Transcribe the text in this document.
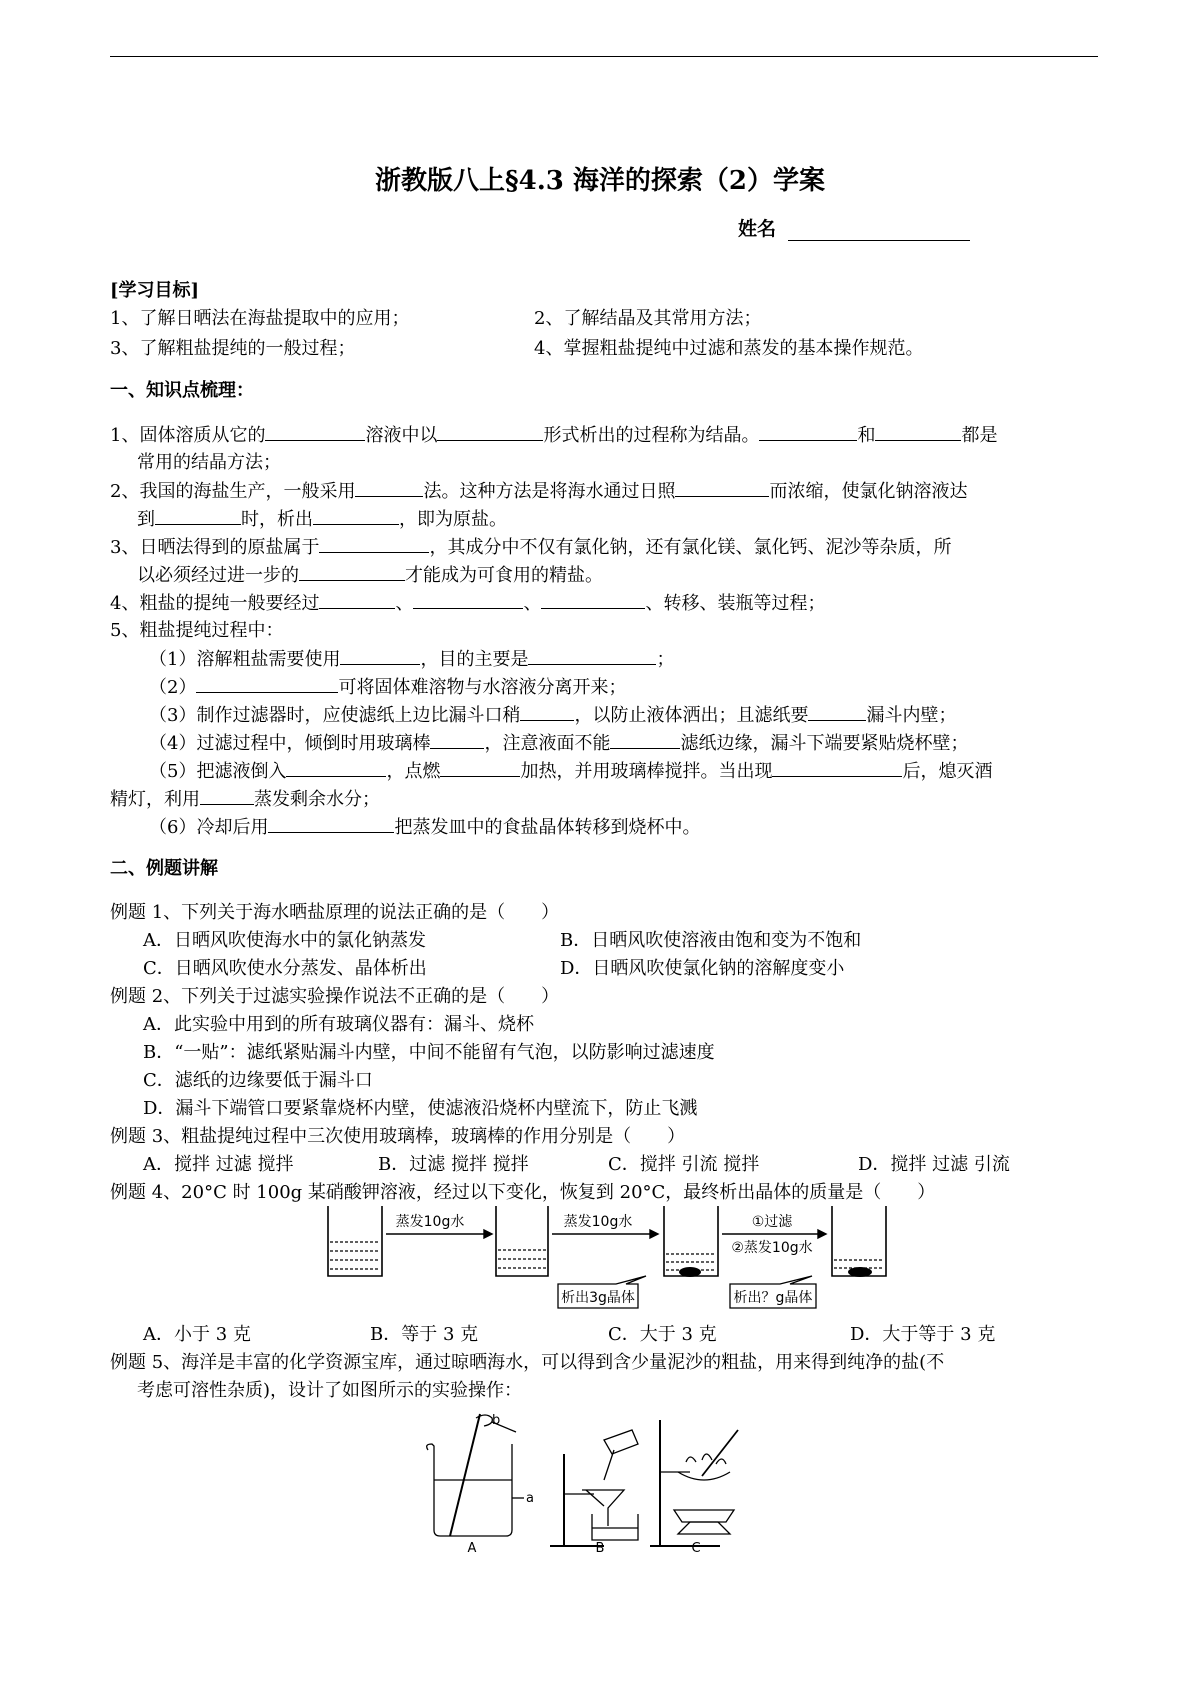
浙教版八上§4.3 海洋的探索（2）学案
姓名
[学习目标]
1、了解日晒法在海盐提取中的应用；	2、了解结晶及其常用方法；
3、了解粗盐提纯的一般过程；	4、掌握粗盐提纯中过滤和蒸发的基本操作规范。
一、知识点梳理：
1、固体溶质从它的	溶液中以	形式析出的过程称为结晶。	和	都是
常用的结晶方法；
2、我国的海盐生产，一般采用	法。这种方法是将海水通过日照	而浓缩，使氯化钠溶液达
到	时，析出	，即为原盐。
3、日晒法得到的原盐属于	，其成分中不仅有氯化钠，还有氯化镁、氯化钙、泥沙等杂质，所
以必须经过进一步的	才能成为可食用的精盐。
4、粗盐的提纯一般要经过	、	、	、转移、装瓶等过程；
5、粗盐提纯过程中：
（1）溶解粗盐需要使用	，目的主要是	；
（2）	可将固体难溶物与水溶液分离开来；
（3）制作过滤器时，应使滤纸上边比漏斗口稍	，以防止液体洒出；且滤纸要	漏斗内壁；
（4）过滤过程中，倾倒时用玻璃棒	，注意液面不能	滤纸边缘，漏斗下端要紧贴烧杯壁；
（5）把滤液倒入	，点燃	加热，并用玻璃棒搅拌。当出现	后，熄灭酒
精灯，利用	蒸发剩余水分；
（6）冷却后用	把蒸发皿中的食盐晶体转移到烧杯中。
二、例题讲解
例题 1、下列关于海水晒盐原理的说法正确的是（　　）
A．日晒风吹使海水中的氯化钠蒸发	B．日晒风吹使溶液由饱和变为不饱和
C．日晒风吹使水分蒸发、晶体析出	D．日晒风吹使氯化钠的溶解度变小
例题 2、下列关于过滤实验操作说法不正确的是（　　）
A．此实验中用到的所有玻璃仪器有：漏斗、烧杯
B．“一贴”：滤纸紧贴漏斗内壁，中间不能留有气泡，以防影响过滤速度
C．滤纸的边缘要低于漏斗口
D．漏斗下端管口要紧靠烧杯内壁，使滤液沿烧杯内壁流下，防止飞溅
例题 3、粗盐提纯过程中三次使用玻璃棒，玻璃棒的作用分别是（　　）
A．搅拌 过滤 搅拌	B．过滤 搅拌 搅拌	C．搅拌 引流 搅拌	D．搅拌 过滤 引流
例题 4、20°C 时 100g 某硝酸钾溶液，经过以下变化，恢复到 20°C，最终析出晶体的质量是（　　）
蒸发10g水	蒸发10g水	①过滤
②蒸发10g水
析出3g晶体	析出？g晶体
A．小于 3 克	B．等于 3 克	C．大于 3 克	D．大于等于 3 克
例题 5、海洋是丰富的化学资源宝库，通过晾晒海水，可以得到含少量泥沙的粗盐，用来得到纯净的盐(不
考虑可溶性杂质)，设计了如图所示的实验操作：
b
a
A	B	C
